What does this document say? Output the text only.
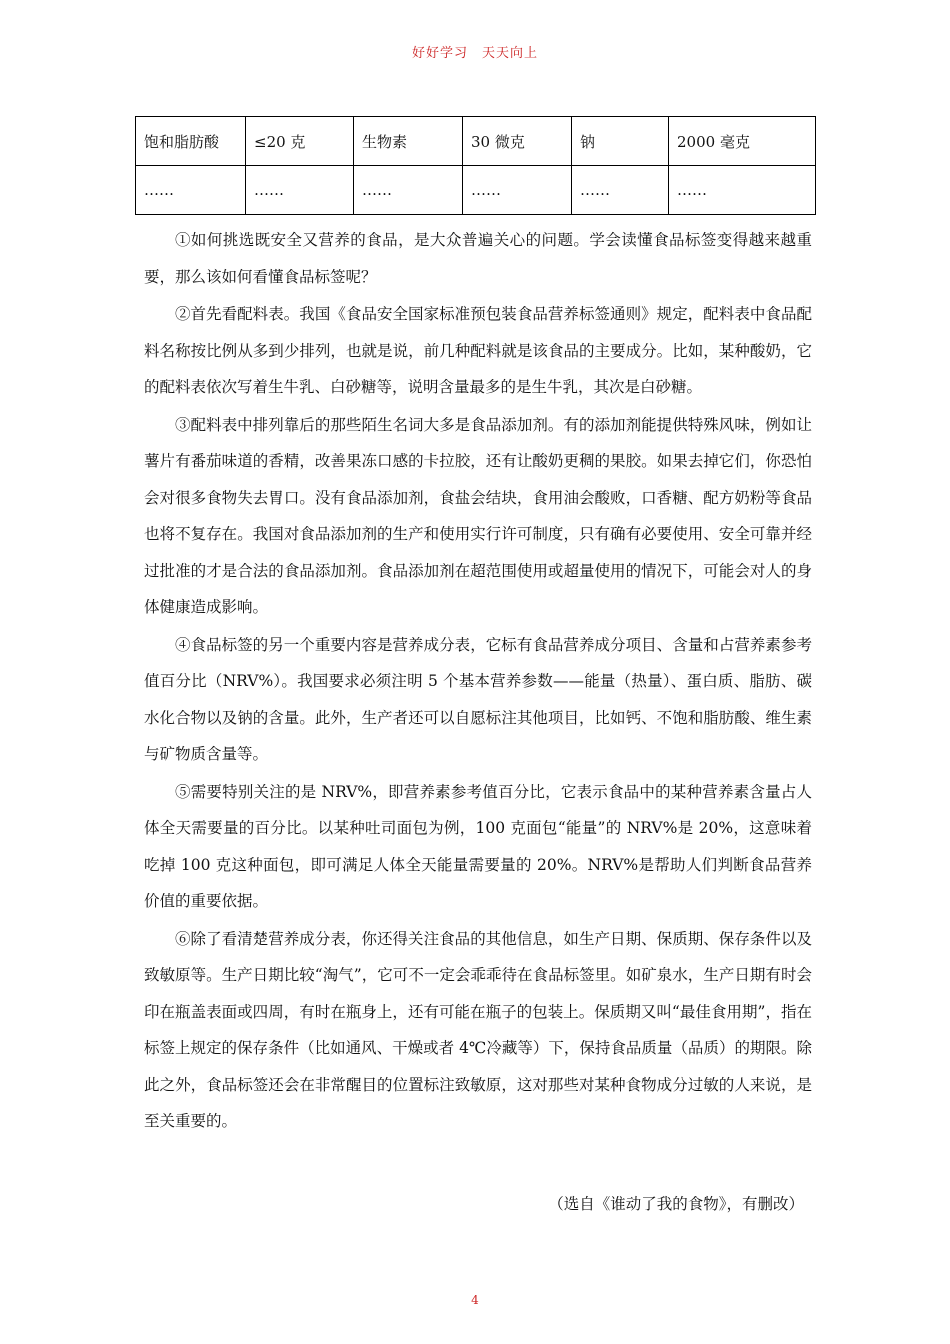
好好学习　天天向上
饱和脂肪酸	≤20 克	生物素	30 微克	钠	2000 毫克
……	……	……	……	……	……

①如何挑选既安全又营养的食品，是大众普遍关心的问题。学会读懂食品标签变得越来越重要，那么该如何看懂食品标签呢？

②首先看配料表。我国《食品安全国家标准预包装食品营养标签通则》规定，配料表中食品配料名称按比例从多到少排列，也就是说，前几种配料就是该食品的主要成分。比如，某种酸奶，它的配料表依次写着生牛乳、白砂糖等，说明含量最多的是生牛乳，其次是白砂糖。

③配料表中排列靠后的那些陌生名词大多是食品添加剂。有的添加剂能提供特殊风味，例如让薯片有番茄味道的香精，改善果冻口感的卡拉胶，还有让酸奶更稠的果胶。如果去掉它们，你恐怕会对很多食物失去胃口。没有食品添加剂，食盐会结块，食用油会酸败，口香糖、配方奶粉等食品也将不复存在。我国对食品添加剂的生产和使用实行许可制度，只有确有必要使用、安全可靠并经过批准的才是合法的食品添加剂。食品添加剂在超范围使用或超量使用的情况下，可能会对人的身体健康造成影响。

④食品标签的另一个重要内容是营养成分表，它标有食品营养成分项目、含量和占营养素参考值百分比（NRV%）。我国要求必须注明 5 个基本营养参数——能量（热量）、蛋白质、脂肪、碳水化合物以及钠的含量。此外，生产者还可以自愿标注其他项目，比如钙、不饱和脂肪酸、维生素与矿物质含量等。

⑤需要特别关注的是 NRV%，即营养素参考值百分比，它表示食品中的某种营养素含量占人体全天需要量的百分比。以某种吐司面包为例，100 克面包“能量”的 NRV%是 20%，这意味着吃掉 100 克这种面包，即可满足人体全天能量需要量的 20%。NRV%是帮助人们判断食品营养价值的重要依据。

⑥除了看清楚营养成分表，你还得关注食品的其他信息，如生产日期、保质期、保存条件以及致敏原等。生产日期比较“淘气”，它可不一定会乖乖待在食品标签里。如矿泉水，生产日期有时会印在瓶盖表面或四周，有时在瓶身上，还有可能在瓶子的包装上。保质期又叫“最佳食用期”，指在标签上规定的保存条件（比如通风、干燥或者 4℃冷藏等）下，保持食品质量（品质）的期限。除此之外，食品标签还会在非常醒目的位置标注致敏原，这对那些对某种食物成分过敏的人来说，是至关重要的。

（选自《谁动了我的食物》，有删改）
4
